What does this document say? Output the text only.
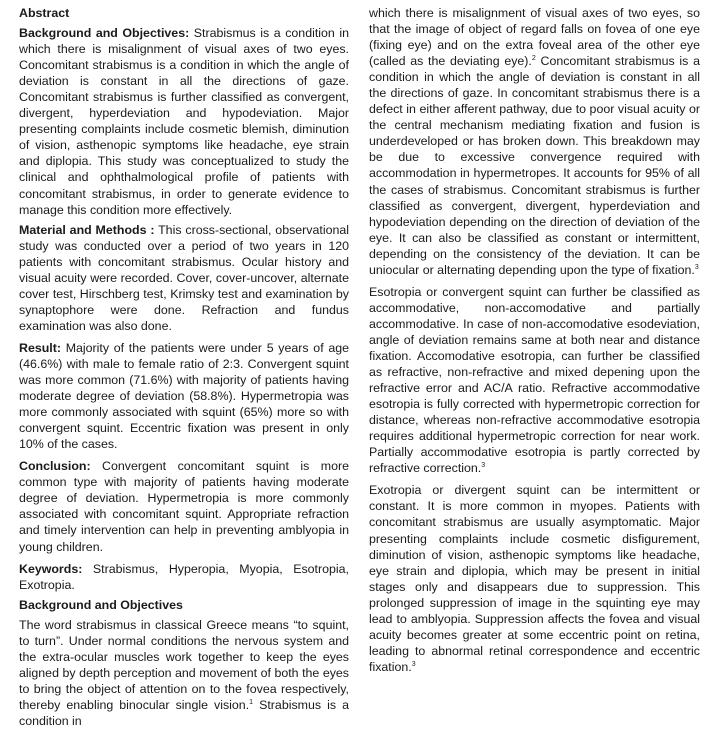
Abstract

Background and Objectives: Strabismus is a condition in which there is misalignment of visual axes of two eyes. Concomitant strabismus is a condition in which the angle of deviation is constant in all the directions of gaze. Concomitant strabismus is further classified as convergent, divergent, hyperdeviation and hypodeviation. Major presenting complaints include cosmetic blemish, diminution of vision, asthenopic symptoms like headache, eye strain and diplopia. This study was conceptualized to study the clinical and ophthalmological profile of patients with concomitant strabismus, in order to generate evidence to manage this condition more effectively.

Material and Methods : This cross-sectional, observational study was conducted over a period of two years in 120 patients with concomitant strabismus. Ocular history and visual acuity were recorded. Cover, cover-uncover, alternate cover test, Hirschberg test, Krimsky test and examination by synaptophore were done. Refraction and fundus examination was also done.

Result: Majority of the patients were under 5 years of age (46.6%) with male to female ratio of 2:3. Convergent squint was more common (71.6%) with majority of patients having moderate degree of deviation (58.8%). Hypermetropia was more commonly associated with squint (65%) more so with convergent squint. Eccentric fixation was present in only 10% of the cases.

Conclusion: Convergent concomitant squint is more common type with majority of patients having moderate degree of deviation. Hypermetropia is more commonly associated with concomitant squint. Appropriate refraction and timely intervention can help in preventing amblyopia in young children.

Keywords: Strabismus, Hyperopia, Myopia, Esotropia, Exotropia.

Background and Objectives

The word strabismus in classical Greece means “to squint, to turn”. Under normal conditions the nervous system and the extra-ocular muscles work together to keep the eyes aligned by depth perception and movement of both the eyes to bring the object of attention on to the fovea respectively, thereby enabling binocular single vision.$^1$ Strabismus is a condition in

which there is misalignment of visual axes of two eyes, so that the image of object of regard falls on fovea of one eye (fixing eye) and on the extra foveal area of the other eye (called as the deviating eye).$^2$ Concomitant strabismus is a condition in which the angle of deviation is constant in all the directions of gaze. In concomitant strabismus there is a defect in either afferent pathway, due to poor visual acuity or the central mechanism mediating fixation and fusion is underdeveloped or has broken down. This breakdown may be due to excessive convergence required with accommodation in hypermetropes. It accounts for 95% of all the cases of strabismus. Concomitant strabismus is further classified as convergent, divergent, hyperdeviation and hypodeviation depending on the direction of deviation of the eye. It can also be classified as constant or intermittent, depending on the consistency of the deviation. It can be uniocular or alternating depending upon the type of fixation.$^3$

Esotropia or convergent squint can further be classified as accommodative, non-accomodative and partially accommodative. In case of non-accomodative esodeviation, angle of deviation remains same at both near and distance fixation. Accomodative esotropia, can further be classified as refractive, non-refractive and mixed depening upon the refractive error and AC/A ratio. Refractive accommodative esotropia is fully corrected with hypermetropic correction for distance, whereas non-refractive accommodative esotropia requires additional hypermetropic correction for near work. Partially accommodative esotropia is partly corrected by refractive correction.$^3$

Exotropia or divergent squint can be intermittent or constant. It is more common in myopes. Patients with concomitant strabismus are usually asymptomatic. Major presenting complaints include cosmetic disfigurement, diminution of vision, asthenopic symptoms like headache, eye strain and diplopia, which may be present in initial stages only and disappears due to suppression. This prolonged suppression of image in the squinting eye may lead to amblyopia. Suppression affects the fovea and visual acuity becomes greater at some eccentric point on retina, leading to abnormal retinal correspondence and eccentric fixation.$^3$
